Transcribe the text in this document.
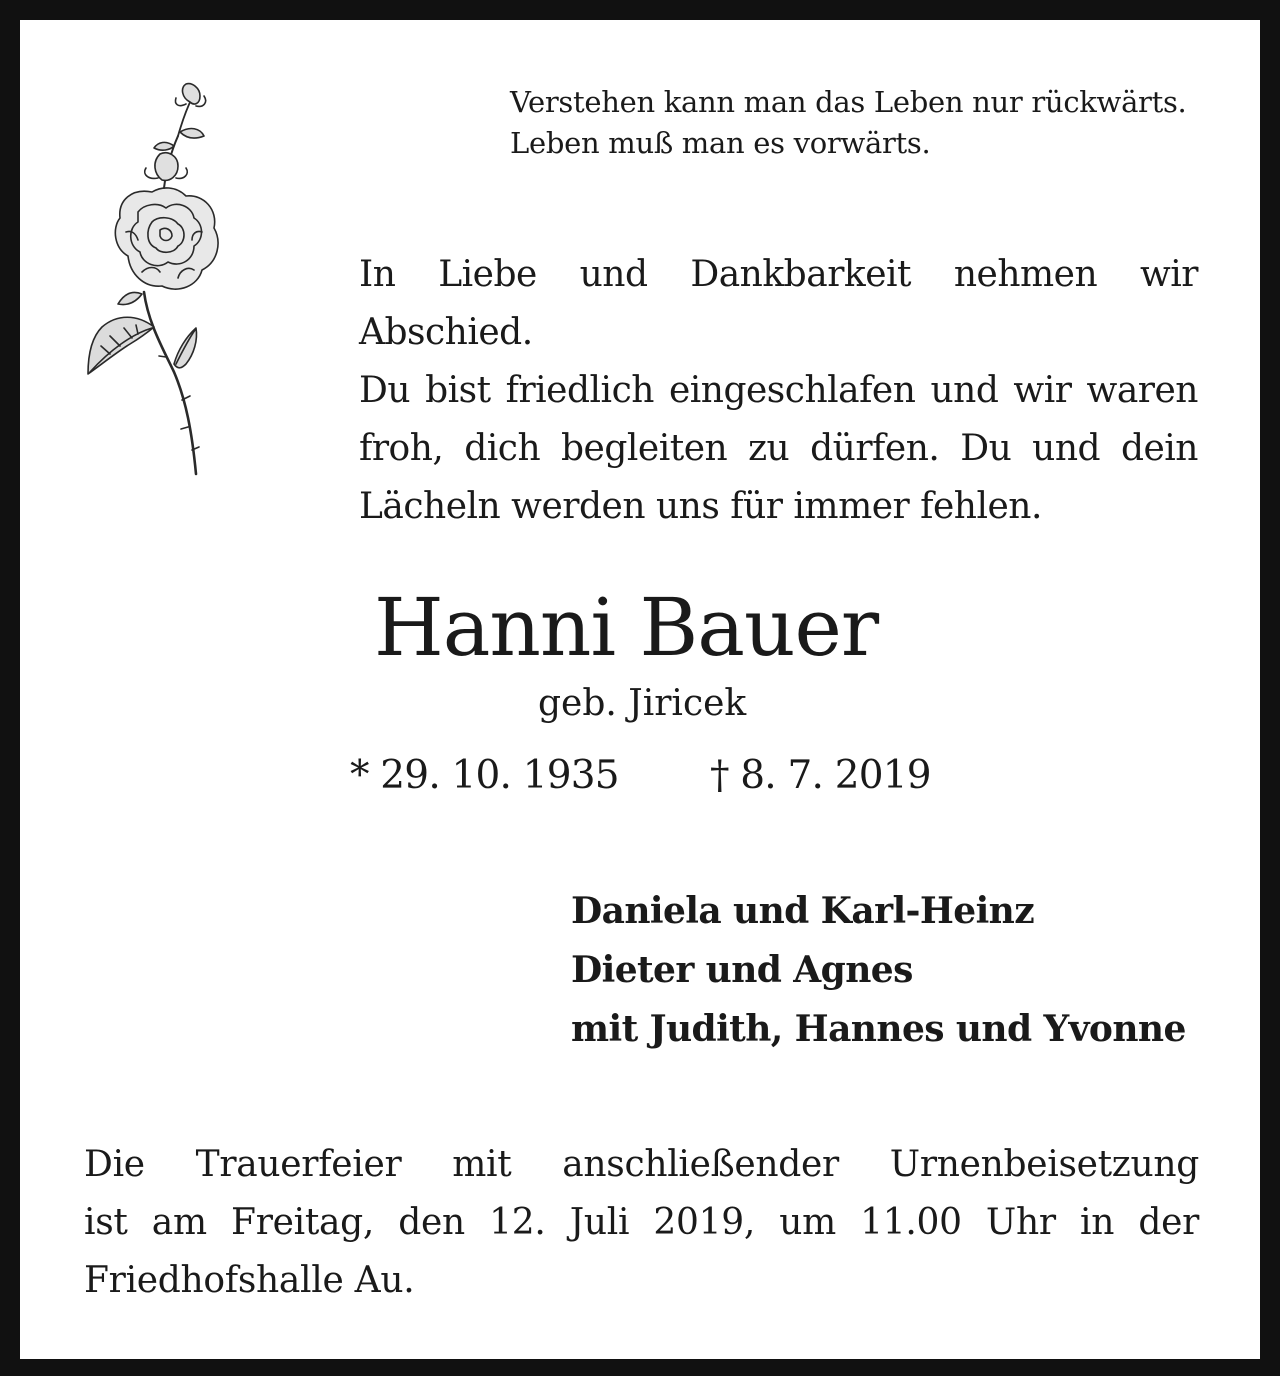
Verstehen kann man das Leben nur rückwärts.
Leben muß man es vorwärts.
In Liebe und Dankbarkeit nehmen wir Abschied.
Du bist friedlich eingeschlafen und wir waren
froh, dich begleiten zu dürfen. Du und dein
Lächeln werden uns für immer fehlen.
Hanni Bauer
geb. Jiricek
* 29. 10. 1935 † 8. 7. 2019
Daniela und Karl-Heinz
Dieter und Agnes
mit Judith, Hannes und Yvonne
Die Trauerfeier mit anschließender Urnenbeisetzung
ist am Freitag, den 12. Juli 2019, um 11.00 Uhr in der
Friedhofshalle Au.
